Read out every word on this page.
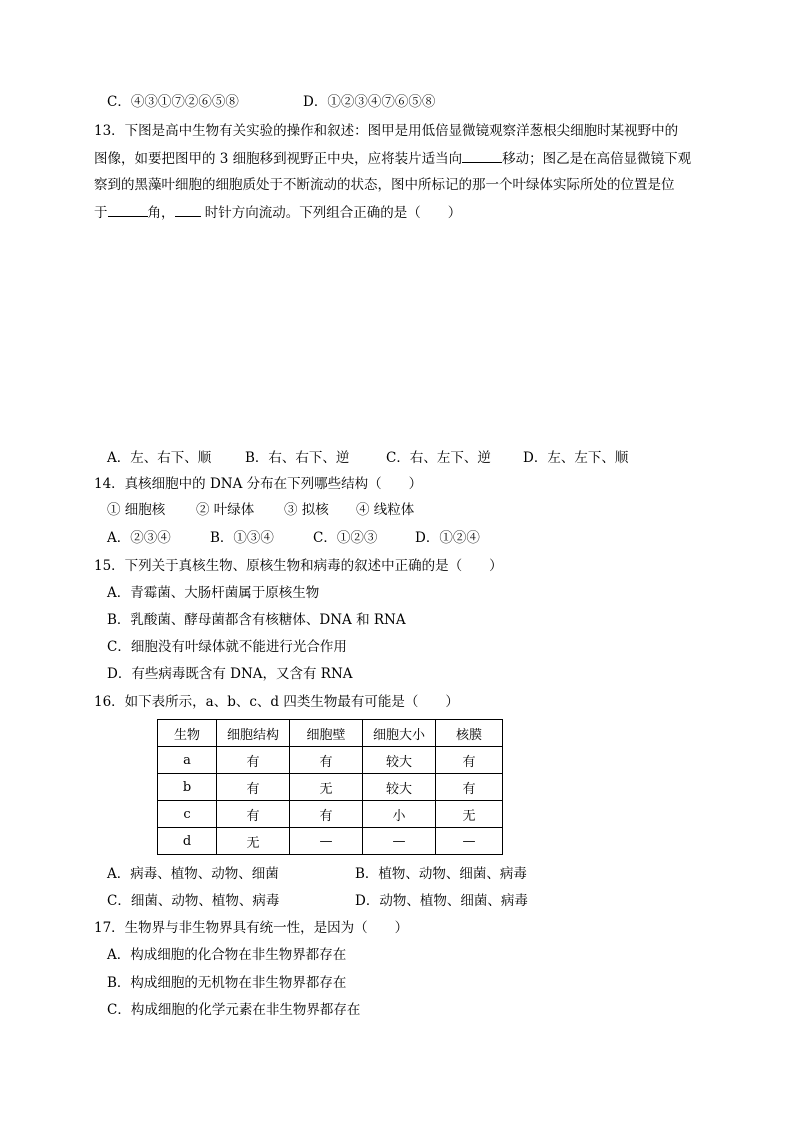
C．④③①⑦②⑥⑤⑧	D．①②③④⑦⑥⑤⑧
13．下图是高中生物有关实验的操作和叙述：图甲是用低倍显微镜观察洋葱根尖细胞时某视野中的
图像，如要把图甲的 3 细胞移到视野正中央，应将装片适当向	移动；图乙是在高倍显微镜下观
察到的黑藻叶细胞的细胞质处于不断流动的状态，图中所标记的那一个叶绿体实际所处的位置是位
于	角， 时针方向流动。下列组合正确的是（　　）
A．左、右下、顺	B．右、右下、逆	C．右、左下、逆 D．左、左下、顺
14．真核细胞中的 DNA 分布在下列哪些结构（　　）
① 细胞核 ② 叶绿体 ③ 拟核 ④ 线粒体
A．②③④	B．①③④	C．①②③	D．①②④
15．下列关于真核生物、原核生物和病毒的叙述中正确的是（　　）
A．青霉菌、大肠杆菌属于原核生物
B．乳酸菌、酵母菌都含有核糖体、DNA 和 RNA
C．细胞没有叶绿体就不能进行光合作用
D．有些病毒既含有 DNA，又含有 RNA
16．如下表所示，a、b、c、d 四类生物最有可能是（　　）
生物	细胞结构	细胞壁	细胞大小	核膜
a	有	有	较大	有
b	有	无	较大	有
c	有	有	小	无
d	无	—	—	—
A．病毒、植物、动物、细菌	B．植物、动物、细菌、病毒
C．细菌、动物、植物、病毒	D．动物、植物、细菌、病毒
17．生物界与非生物界具有统一性，是因为（　　）
A．构成细胞的化合物在非生物界都存在
B．构成细胞的无机物在非生物界都存在
C．构成细胞的化学元素在非生物界都存在
